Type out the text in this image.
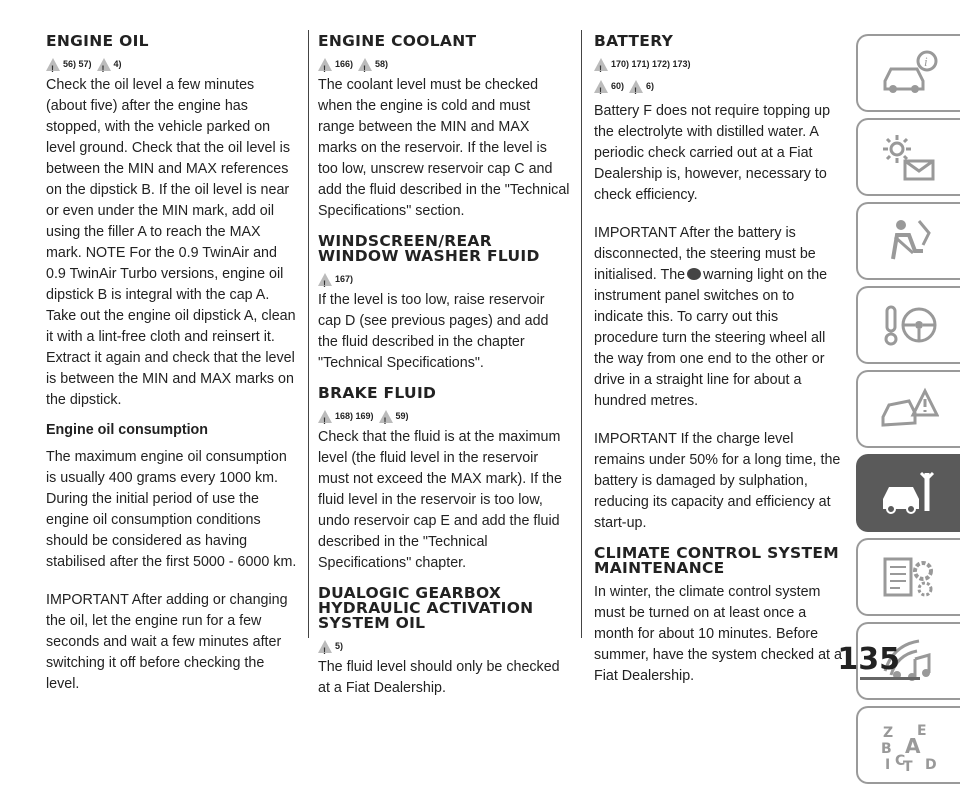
ENGINE OIL
!
56) 57) ! 4)

Check the oil level a few minutes (about five) after the engine has stopped, with the vehicle parked on level ground. Check that the oil level is between the MIN and MAX references on the dipstick B. If the oil level is near or even under the MIN mark, add oil using the filler A to reach the MAX mark. NOTE For the 0.9 TwinAir and 0.9 TwinAir Turbo versions, engine oil dipstick B is integral with the cap A. Take out the engine oil dipstick A, clean it with a lint-free cloth and reinsert it. Extract it again and check that the level is between the MIN and MAX marks on the dipstick.

Engine oil consumption

The maximum engine oil consumption is usually 400 grams every 1000 km. During the initial period of use the engine oil consumption conditions should be considered as having stabilised after the first 5000 - 6000 km.

IMPORTANT After adding or changing the oil, let the engine run for a few seconds and wait a few minutes after switching it off before checking the level.

ENGINE COOLANT
!
166) ! 58)

The coolant level must be checked when the engine is cold and must range between the MIN and MAX marks on the reservoir. If the level is too low, unscrew reservoir cap C and add the fluid described in the "Technical Specifications" section.

WINDSCREEN/REAR WINDOW WASHER FLUID
!
167)

If the level is too low, raise reservoir cap D (see previous pages) and add the fluid described in the chapter "Technical Specifications".

BRAKE FLUID
!
168) 169) ! 59)

Check that the fluid is at the maximum level (the fluid level in the reservoir must not exceed the MAX mark). If the fluid level in the reservoir is too low, undo reservoir cap E and add the fluid described in the "Technical Specifications" chapter.

DUALOGIC GEARBOX HYDRAULIC ACTIVATION SYSTEM OIL
!
5)

The fluid level should only be checked at a Fiat Dealership.

BATTERY
!
170) 171) 172) 173)
!
60) ! 6)

Battery F does not require topping up the electrolyte with distilled water. A periodic check carried out at a Fiat Dealership is, however, necessary to check efficiency.

IMPORTANT After the battery is disconnected, the steering must be initialised. The warning light on the instrument panel switches on to indicate this. To carry out this procedure turn the steering wheel all the way from one end to the other or drive in a straight line for about a hundred metres.

IMPORTANT If the charge level remains under 50% for a long time, the battery is damaged by sulphation, reducing its capacity and efficiency at start-up.

CLIMATE CONTROL SYSTEM MAINTENANCE

In winter, the climate control system must be turned on at least once a month for about 10 minutes. Before summer, have the system checked at a Fiat Dealership.

i
Z E
B A
I C
T D
135
